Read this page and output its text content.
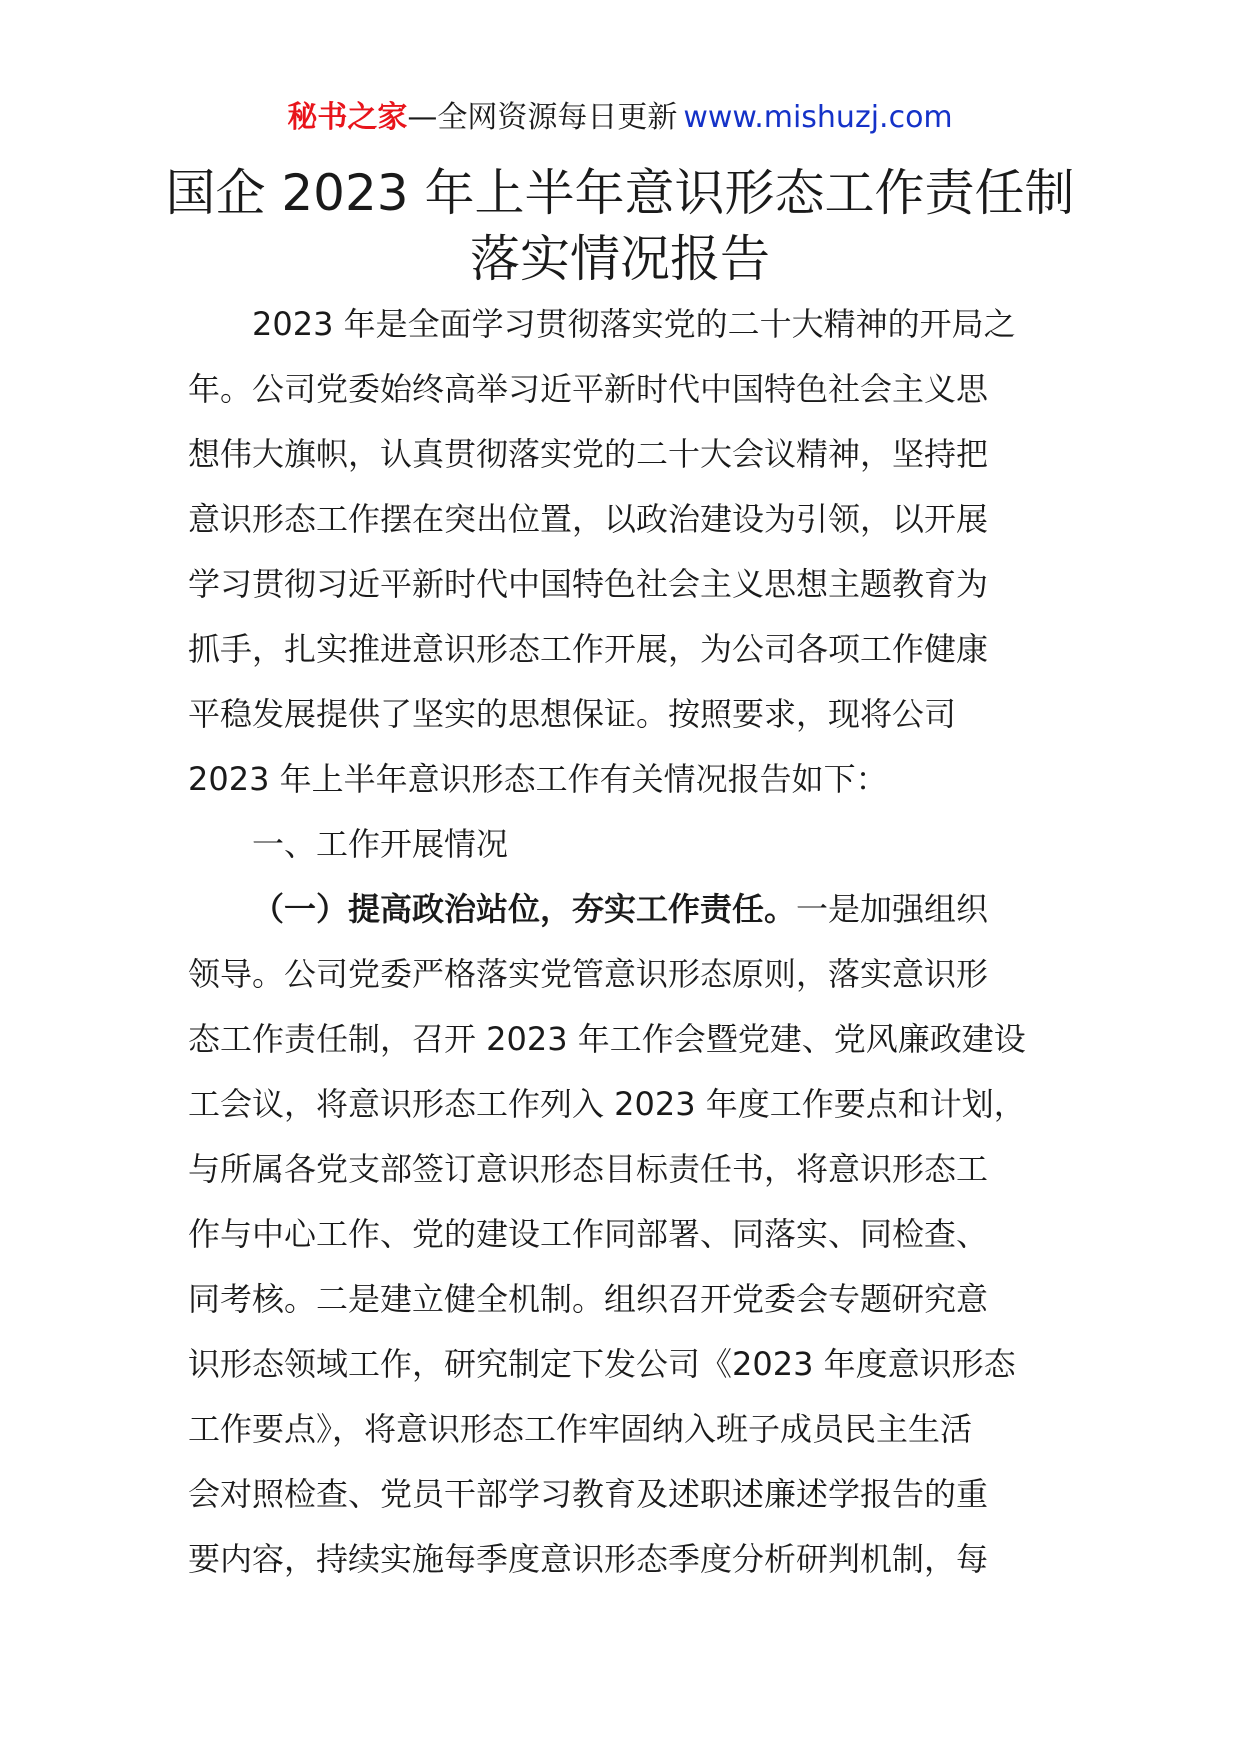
秘书之家—全网资源每日更新 www.mishuzj.com
国企 2023 年上半年意识形态工作责任制
落实情况报告
2023 年是全面学习贯彻落实党的二十大精神的开局之
年。公司党委始终高举习近平新时代中国特色社会主义思
想伟大旗帜，认真贯彻落实党的二十大会议精神，坚持把
意识形态工作摆在突出位置，以政治建设为引领，以开展
学习贯彻习近平新时代中国特色社会主义思想主题教育为
抓手，扎实推进意识形态工作开展，为公司各项工作健康
平稳发展提供了坚实的思想保证。按照要求，现将公司
2023 年上半年意识形态工作有关情况报告如下：
一、工作开展情况
（一）提高政治站位，夯实工作责任。一是加强组织
领导。公司党委严格落实党管意识形态原则，落实意识形
态工作责任制，召开 2023 年工作会暨党建、党风廉政建设
工会议，将意识形态工作列入 2023 年度工作要点和计划，
与所属各党支部签订意识形态目标责任书，将意识形态工
作与中心工作、党的建设工作同部署、同落实、同检查、
同考核。二是建立健全机制。组织召开党委会专题研究意
识形态领域工作，研究制定下发公司《2023 年度意识形态
工作要点》，将意识形态工作牢固纳入班子成员民主生活
会对照检查、党员干部学习教育及述职述廉述学报告的重
要内容，持续实施每季度意识形态季度分析研判机制，每
